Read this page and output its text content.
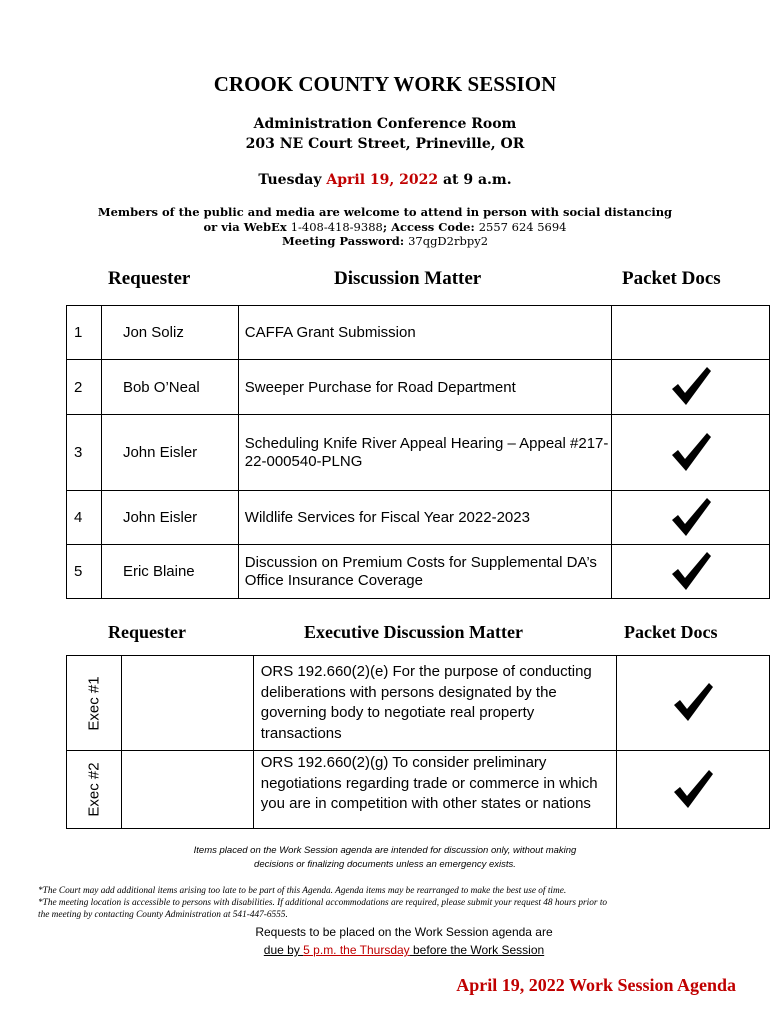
CROOK COUNTY WORK SESSION
Administration Conference Room
203 NE Court Street, Prineville, OR
Tuesday April 19, 2022 at 9 a.m.
Members of the public and media are welcome to attend in person with social distancing
or via WebEx 1-408-418-9388; Access Code: 2557 624 5694
Meeting Password: 37qgD2rbpy2
Requester	Discussion Matter	Packet Docs
1	Jon Soliz	CAFFA Grant Submission	
2	Bob O’Neal	Sweeper Purchase for Road Department	

3	John Eisler	Scheduling Knife River Appeal Hearing – Appeal #217-22-000540-PLNG	

4	John Eisler	Wildlife Services for Fiscal Year 2022-2023	

5	Eric Blaine	Discussion on Premium Costs for Supplemental DA’s Office Insurance Coverage	
Requester	Executive Discussion Matter	Packet Docs
Exec #1		ORS 192.660(2)(e) For the purpose of conducting deliberations with persons designated by the governing body to negotiate real property transactions	

Exec #2		ORS 192.660(2)(g) To consider preliminary negotiations regarding trade or commerce in which you are in competition with other states or nations	
Items placed on the Work Session agenda are intended for discussion only, without making
decisions or finalizing documents unless an emergency exists.
*The Court may add additional items arising too late to be part of this Agenda. Agenda items may be rearranged to make the best use of time.
*The meeting location is accessible to persons with disabilities. If additional accommodations are required, please submit your request 48 hours prior to
the meeting by contacting County Administration at 541-447-6555.
Requests to be placed on the Work Session agenda are
due by 5 p.m. the Thursday before the Work Session
April 19, 2022 Work Session Agenda
